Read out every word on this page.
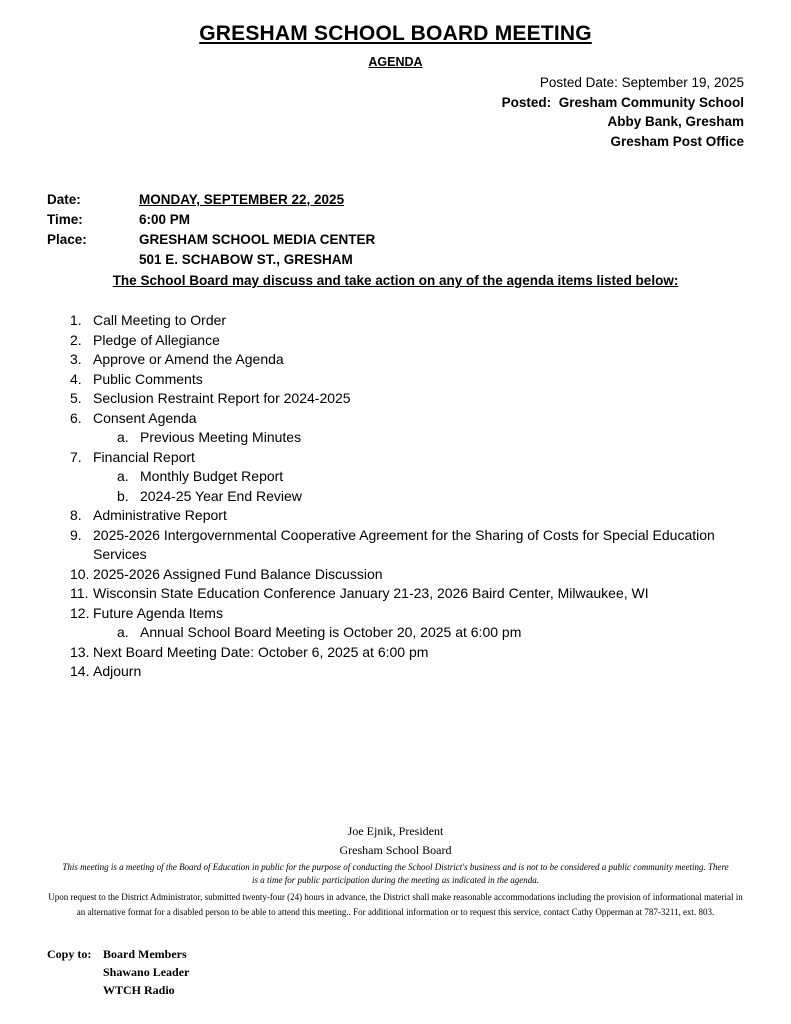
GRESHAM SCHOOL BOARD MEETING
AGENDA
Posted Date: September 19, 2025
Posted: Gresham Community School
Abby Bank, Gresham
Gresham Post Office
Date:	MONDAY, SEPTEMBER 22, 2025
Time:	6:00 PM
Place:	GRESHAM SCHOOL MEDIA CENTER
501 E. SCHABOW ST., GRESHAM
The School Board may discuss and take action on any of the agenda items listed below:
1. Call Meeting to Order
2. Pledge of Allegiance
3. Approve or Amend the Agenda
4. Public Comments
5. Seclusion Restraint Report for 2024-2025
6. Consent Agenda
a. Previous Meeting Minutes
7. Financial Report
a. Monthly Budget Report
b. 2024-25 Year End Review
8. Administrative Report
9. 2025-2026 Intergovernmental Cooperative Agreement for the Sharing of Costs for Special Education Services
10. 2025-2026 Assigned Fund Balance Discussion
11. Wisconsin State Education Conference January 21-23, 2026 Baird Center, Milwaukee, WI
12. Future Agenda Items
a. Annual School Board Meeting is October 20, 2025 at 6:00 pm
13. Next Board Meeting Date: October 6, 2025 at 6:00 pm
14. Adjourn
Joe Ejnik, President
Gresham School Board
This meeting is a meeting of the Board of Education in public for the purpose of conducting the School District's business and is not to be considered a public community meeting. There is a time for public participation during the meeting as indicated in the agenda.
Upon request to the District Administrator, submitted twenty-four (24) hours in advance, the District shall make reasonable accommodations including the provision of informational material in an alternative format for a disabled person to be able to attend this meeting.. For additional information or to request this service, contact Cathy Opperman at 787-3211, ext. 803.
Copy to: Board Members
Shawano Leader
WTCH Radio
